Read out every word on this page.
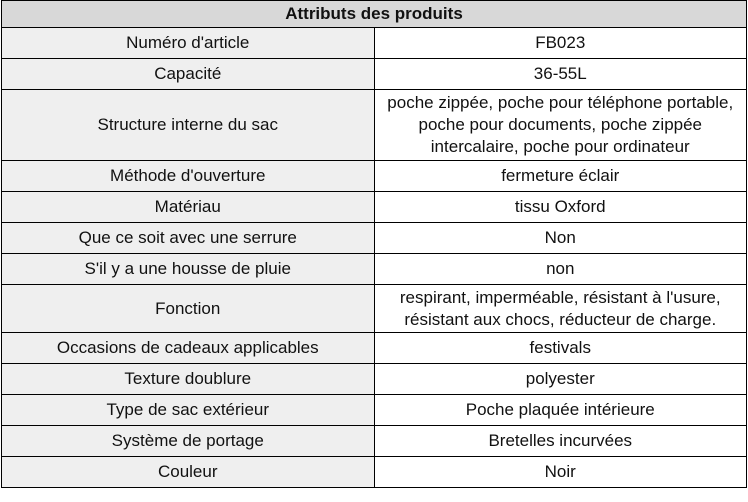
Attributs des produits	
Numéro d'article	FB023
Capacité	36-55L
Structure interne du sac	poche zippée, poche pour téléphone portable, poche pour documents, poche zippée intercalaire, poche pour ordinateur
Méthode d'ouverture	fermeture éclair
Matériau	tissu Oxford
Que ce soit avec une serrure	Non
S'il y a une housse de pluie	non
Fonction	respirant, imperméable, résistant à l'usure, résistant aux chocs, réducteur de charge.
Occasions de cadeaux applicables	festivals
Texture doublure	polyester
Type de sac extérieur	Poche plaquée intérieure
Système de portage	Bretelles incurvées
Couleur	Noir
